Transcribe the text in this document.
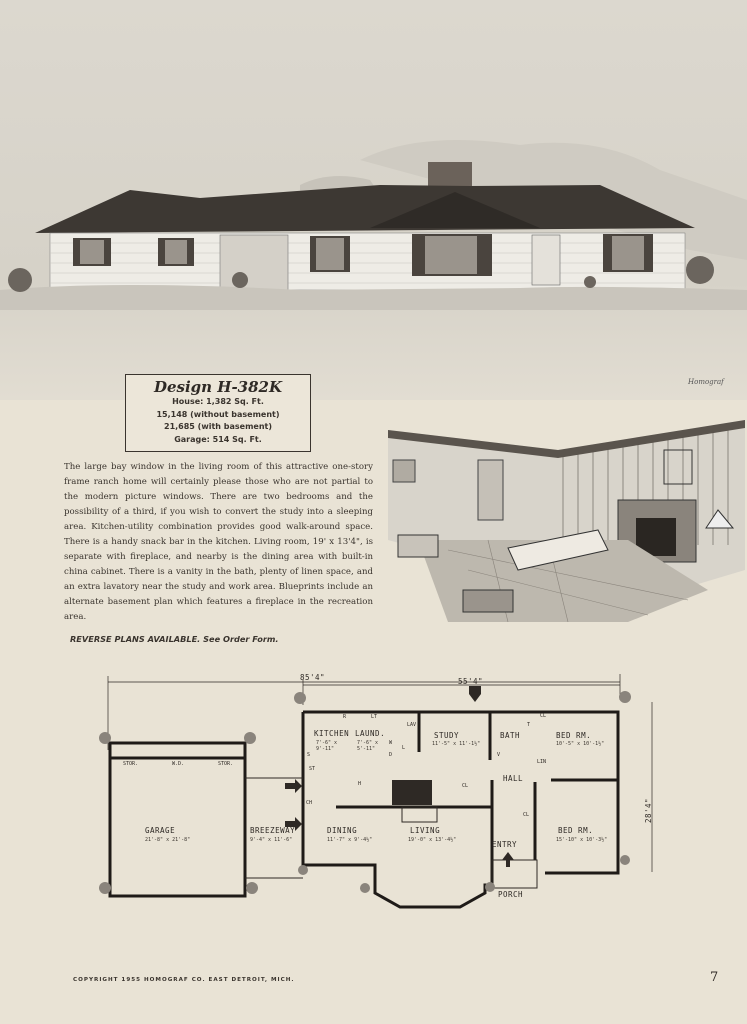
Homograf
Design H-382K
House: 1,382 Sq. Ft.
15,148 (without basement)
21,685 (with basement)
Garage: 514 Sq. Ft.
The large bay window in the living room of this attractive one-story frame ranch home will certainly please those who are not partial to the modern picture windows. There are two bedrooms and the possibility of a third, if you wish to convert the study into a sleeping area. Kitchen-utility combination provides good walk-around space. There is a handy snack bar in the kitchen. Living room, 19' x 13'4", is separate with fireplace, and nearby is the dining area with built-in china cabinet. There is a vanity in the bath, plenty of linen space, and an extra lavatory near the study and work area. Blueprints include an alternate basement plan which features a fireplace in the recreation area.
REVERSE PLANS AVAILABLE. See Order Form.
85'4"	55'4"
28'4"
KITCHEN
7'-6" x 9'-11"
LAUND.
7'-6" x 5'-11"
STUDY
11'-5" x 11'-1½"
BATH	BED RM.
10'-5" x 10'-1½"
HALL
GARAGE
21'-8" x 21'-8"
BREEZEWAY
9'-4" x 11'-6"
DINING
11'-7" x 9'-4½"
LIVING
19'-0" x 13'-4½"	ENTRY
BED RM.
15'-10" x 10'-3½"
PORCH
STOR.	W.D.	STOR.
R	LT
W
D
L
LAV	T
CL
LIN
S
ST
H
CH
V
CL
CL
COPYRIGHT 1955 HOMOGRAF CO. EAST DETROIT, MICH.	7
